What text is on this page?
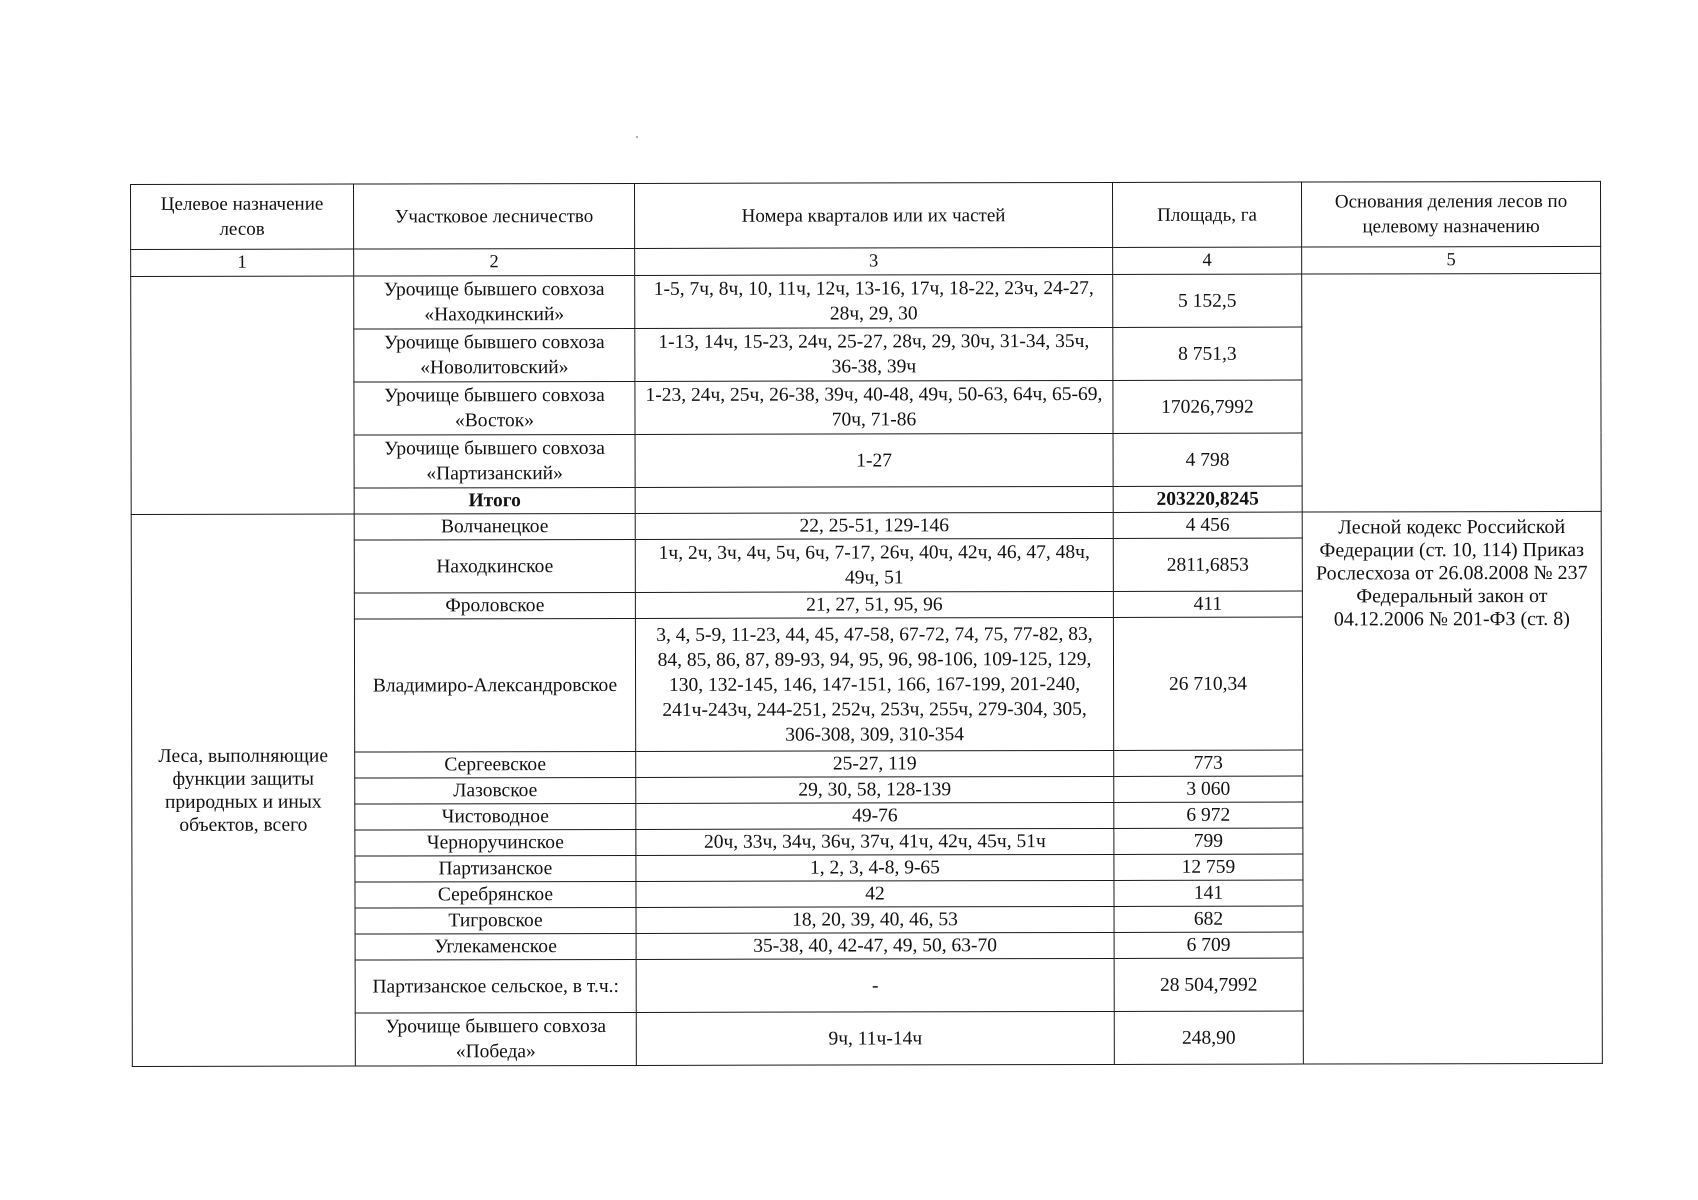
Целевое назначение лесов	Участковое лесничество	Номера кварталов или их частей	Площадь, га	Основания деления лесов по целевому назначению
1	2	3	4	5
	Урочище бывшего совхоза «Находкинский»	1-5, 7ч, 8ч, 10, 11ч, 12ч, 13-16, 17ч, 18-22, 23ч, 24-27, 28ч, 29, 30	5 152,5	
	Урочище бывшего совхоза «Новолитовский»	1-13, 14ч, 15-23, 24ч, 25-27, 28ч, 29, 30ч, 31-34, 35ч, 36-38, 39ч	8 751,3	
	Урочище бывшего совхоза «Восток»	1-23, 24ч, 25ч, 26-38, 39ч, 40-48, 49ч, 50-63, 64ч, 65-69, 70ч, 71-86	17026,7992	
	Урочище бывшего совхоза «Партизанский»	1-27	4 798	
	Итого		203220,8245	
Леса, выполняющие функции защиты природных и иных объектов, всего	Волчанецкое	22, 25-51, 129-146	4 456	Лесной кодекс Российской Федерации (ст. 10, 114) Приказ Рослесхоза от 26.08.2008 № 237 Федеральный закон от 04.12.2006 № 201-ФЗ (ст. 8)
	Находкинское	1ч, 2ч, 3ч, 4ч, 5ч, 6ч, 7-17, 26ч, 40ч, 42ч, 46, 47, 48ч, 49ч, 51	2811,6853	
	Фроловское	21, 27, 51, 95, 96	411	
	Владимиро-Александровское	3, 4, 5-9, 11-23, 44, 45, 47-58, 67-72, 74, 75, 77-82, 83, 84, 85, 86, 87, 89-93, 94, 95, 96, 98-106, 109-125, 129, 130, 132-145, 146, 147-151, 166, 167-199, 201-240, 241ч-243ч, 244-251, 252ч, 253ч, 255ч, 279-304, 305, 306-308, 309, 310-354	26 710,34	
	Сергеевское	25-27, 119	773	
	Лазовское	29, 30, 58, 128-139	3 060	
	Чистоводное	49-76	6 972	
	Черноручинское	20ч, 33ч, 34ч, 36ч, 37ч, 41ч, 42ч, 45ч, 51ч	799	
	Партизанское	1, 2, 3, 4-8, 9-65	12 759	
	Серебрянское	42	141	
	Тигровское	18, 20, 39, 40, 46, 53	682	
	Углекаменское	35-38, 40, 42-47, 49, 50, 63-70	6 709	
	Партизанское сельское, в т.ч.:	-	28 504,7992	
	Урочище бывшего совхоза «Победа»	9ч, 11ч-14ч	248,90	
